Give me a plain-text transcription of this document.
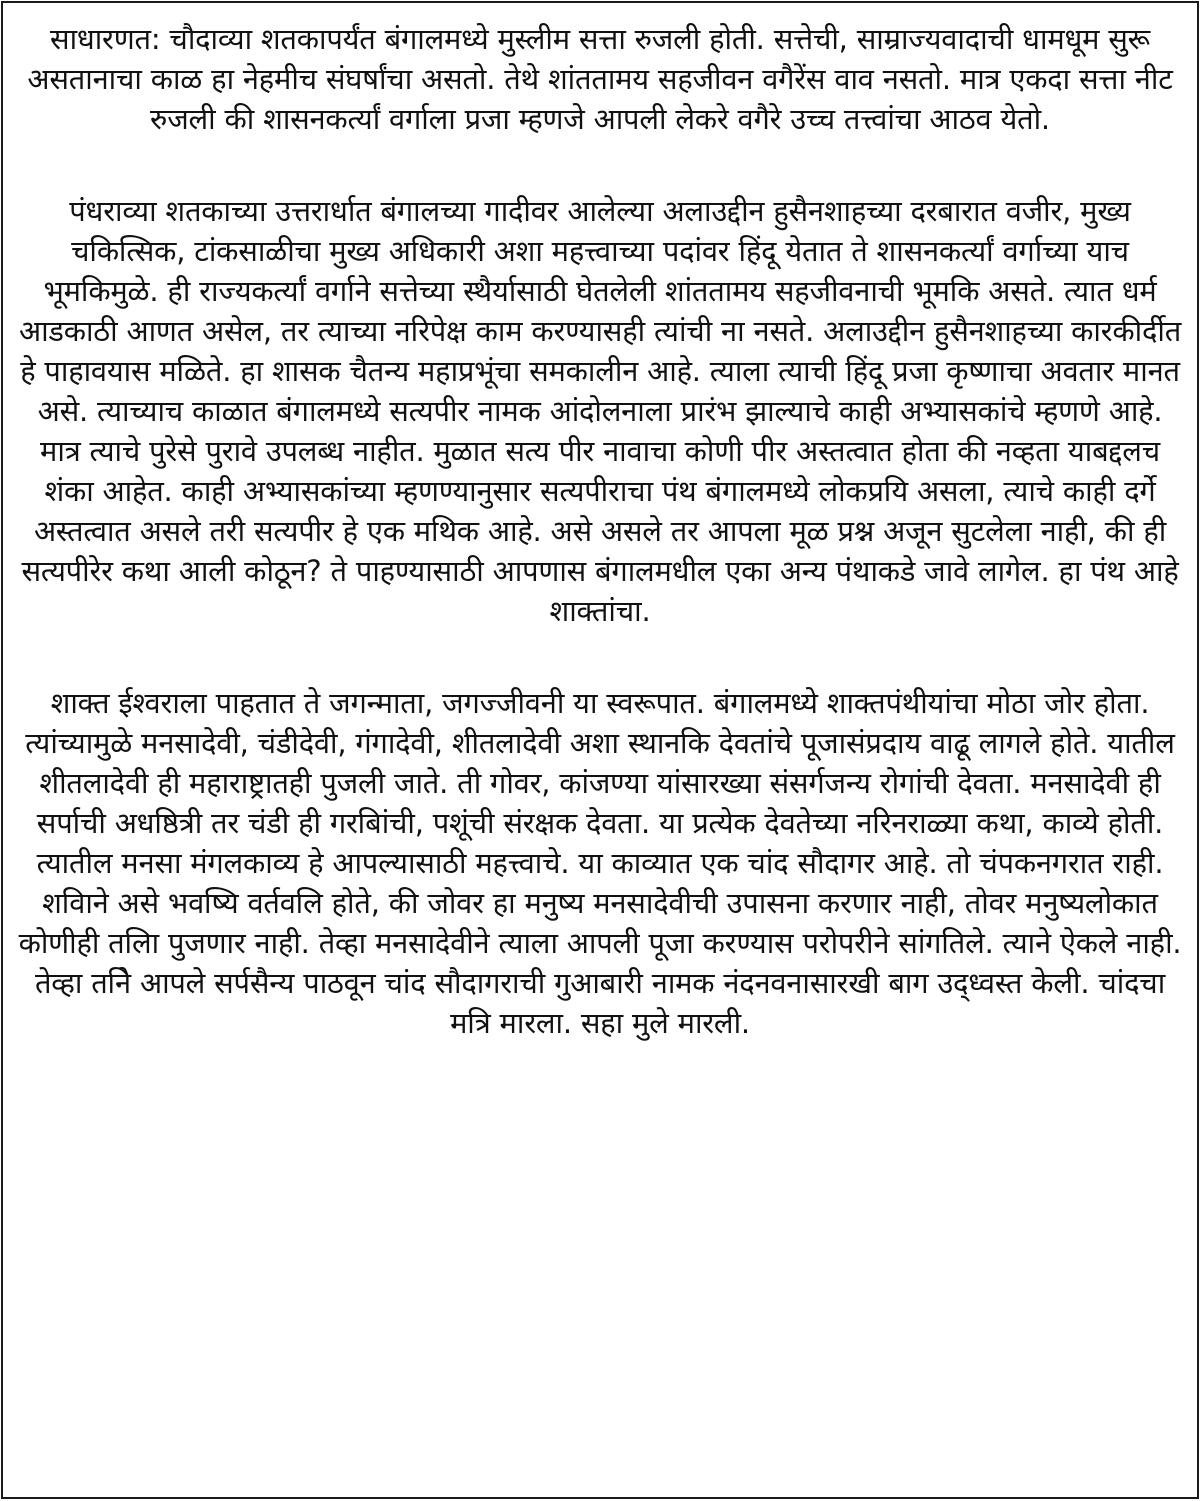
साधारणत: चौदाव्या शतकापर्यंत बंगालमध्ये मुस्लीम सत्ता रुजली होती. सत्तेची, साम्राज्यवादाची धामधूम सुरू असतानाचा काळ हा नेहमीच संघर्षांचा असतो. तेथे शांततामय सहजीवन वगैरेंस वाव नसतो. मात्र एकदा सत्ता नीट रुजली की शासनकर्त्यां वर्गाला प्रजा म्हणजे आपली लेकरे वगैरे उच्च तत्त्वांचा आठव येतो.

पंधराव्या शतकाच्या उत्तरार्धात बंगालच्या गादीवर आलेल्या अलाउद्दीन हुसैनशाहच्या दरबारात वजीर, मुख्य चकित्सिक, टांकसाळीचा मुख्य अधिकारी अशा महत्त्वाच्या पदांवर हिंदू येतात ते शासनकर्त्यां वर्गाच्या याच भूमकिमुळे. ही राज्यकर्त्यां वर्गाने सत्तेच्या स्थैर्यासाठी घेतलेली शांततामय सहजीवनाची भूमकि असते. त्यात धर्म आडकाठी आणत असेल, तर त्याच्या नरिपेक्ष काम करण्यासही त्यांची ना नसते. अलाउद्दीन हुसैनशाहच्या कारकीर्दीत हे पाहावयास मळिते. हा शासक चैतन्य महाप्रभूंचा समकालीन आहे. त्याला त्याची हिंदू प्रजा कृष्णाचा अवतार मानत असे. त्याच्याच काळात बंगालमध्ये सत्यपीर नामक आंदोलनाला प्रारंभ झाल्याचे काही अभ्यासकांचे म्हणणे आहे. मात्र त्याचे पुरेसे पुरावे उपलब्ध नाहीत. मुळात सत्य पीर नावाचा कोणी पीर अस्तत्वात होता की नव्हता याबद्दलच शंका आहेत. काही अभ्यासकांच्या म्हणण्यानुसार सत्यपीराचा पंथ बंगालमध्ये लोकप्रयि असला, त्याचे काही दर्गे अस्तत्वात असले तरी सत्यपीर हे एक मथिक आहे. असे असले तर आपला मूळ प्रश्न अजून सुटलेला नाही, की ही सत्यपीरेर कथा आली कोठून? ते पाहण्यासाठी आपणास बंगालमधील एका अन्य पंथाकडे जावे लागेल. हा पंथ आहे शाक्तांचा.

शाक्त ईश्वराला पाहतात ते जगन्माता, जगज्जीवनी या स्वरूपात. बंगालमध्ये शाक्तपंथीयांचा मोठा जोर होता. त्यांच्यामुळे मनसादेवी, चंडीदेवी, गंगादेवी, शीतलादेवी अशा स्थानकि देवतांचे पूजासंप्रदाय वाढू लागले होते. यातील शीतलादेवी ही महाराष्ट्रातही पुजली जाते. ती गोवर, कांजण्या यांसारख्या संसर्गजन्य रोगांची देवता. मनसादेवी ही सर्पाची अधष्ठित्री तर चंडी ही गरबिांची, पशूंची संरक्षक देवता. या प्रत्येक देवतेच्या नरिनराळ्या कथा, काव्ये होती. त्यातील मनसा मंगलकाव्य हे आपल्यासाठी महत्त्वाचे. या काव्यात एक चांद सौदागर आहे. तो चंपकनगरात राही. शविाने असे भवष्यि वर्तवलि होते, की जोवर हा मनुष्य मनसादेवीची उपासना करणार नाही, तोवर मनुष्यलोकात कोणीही तलिा पुजणार नाही. तेव्हा मनसादेवीने त्याला आपली पूजा करण्यास परोपरीने सांगतिले. त्याने ऐकले नाही. तेव्हा तनिे आपले सर्पसैन्य पाठवून चांद सौदागराची गुआबारी नामक नंदनवनासारखी बाग उद्ध्वस्त केली. चांदचा मत्रि मारला. सहा मुले मारली.
